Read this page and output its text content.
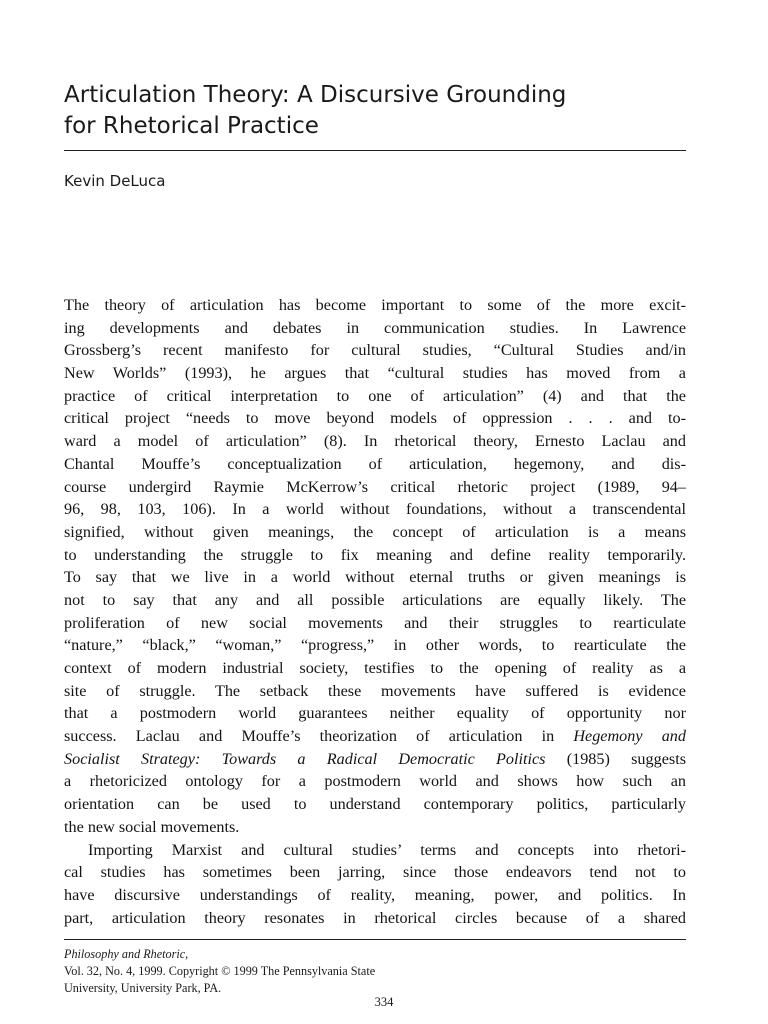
Articulation Theory: A Discursive Grounding
for Rhetorical Practice
Kevin DeLuca
The theory of articulation has become important to some of the more excit-
ing developments and debates in communication studies. In Lawrence
Grossberg’s recent manifesto for cultural studies, “Cultural Studies and/in
New Worlds” (1993), he argues that “cultural studies has moved from a
practice of critical interpretation to one of articulation” (4) and that the
critical project “needs to move beyond models of oppression . . . and to-
ward a model of articulation” (8). In rhetorical theory, Ernesto Laclau and
Chantal Mouffe’s conceptualization of articulation, hegemony, and dis-
course undergird Raymie McKerrow’s critical rhetoric project (1989, 94–
96, 98, 103, 106). In a world without foundations, without a transcendental
signified, without given meanings, the concept of articulation is a means
to understanding the struggle to fix meaning and define reality temporarily.
To say that we live in a world without eternal truths or given meanings is
not to say that any and all possible articulations are equally likely. The
proliferation of new social movements and their struggles to rearticulate
“nature,” “black,” “woman,” “progress,” in other words, to rearticulate the
context of modern industrial society, testifies to the opening of reality as a
site of struggle. The setback these movements have suffered is evidence
that a postmodern world guarantees neither equality of opportunity nor
success. Laclau and Mouffe’s theorization of articulation in Hegemony and
Socialist Strategy: Towards a Radical Democratic Politics (1985) suggests
a rhetoricized ontology for a postmodern world and shows how such an
orientation can be used to understand contemporary politics, particularly
the new social movements.
Importing Marxist and cultural studies’ terms and concepts into rhetori-
cal studies has sometimes been jarring, since those endeavors tend not to
have discursive understandings of reality, meaning, power, and politics. In
part, articulation theory resonates in rhetorical circles because of a shared
Philosophy and Rhetoric,
Vol. 32, No. 4, 1999. Copyright © 1999 The Pennsylvania State
University, University Park, PA.
334
